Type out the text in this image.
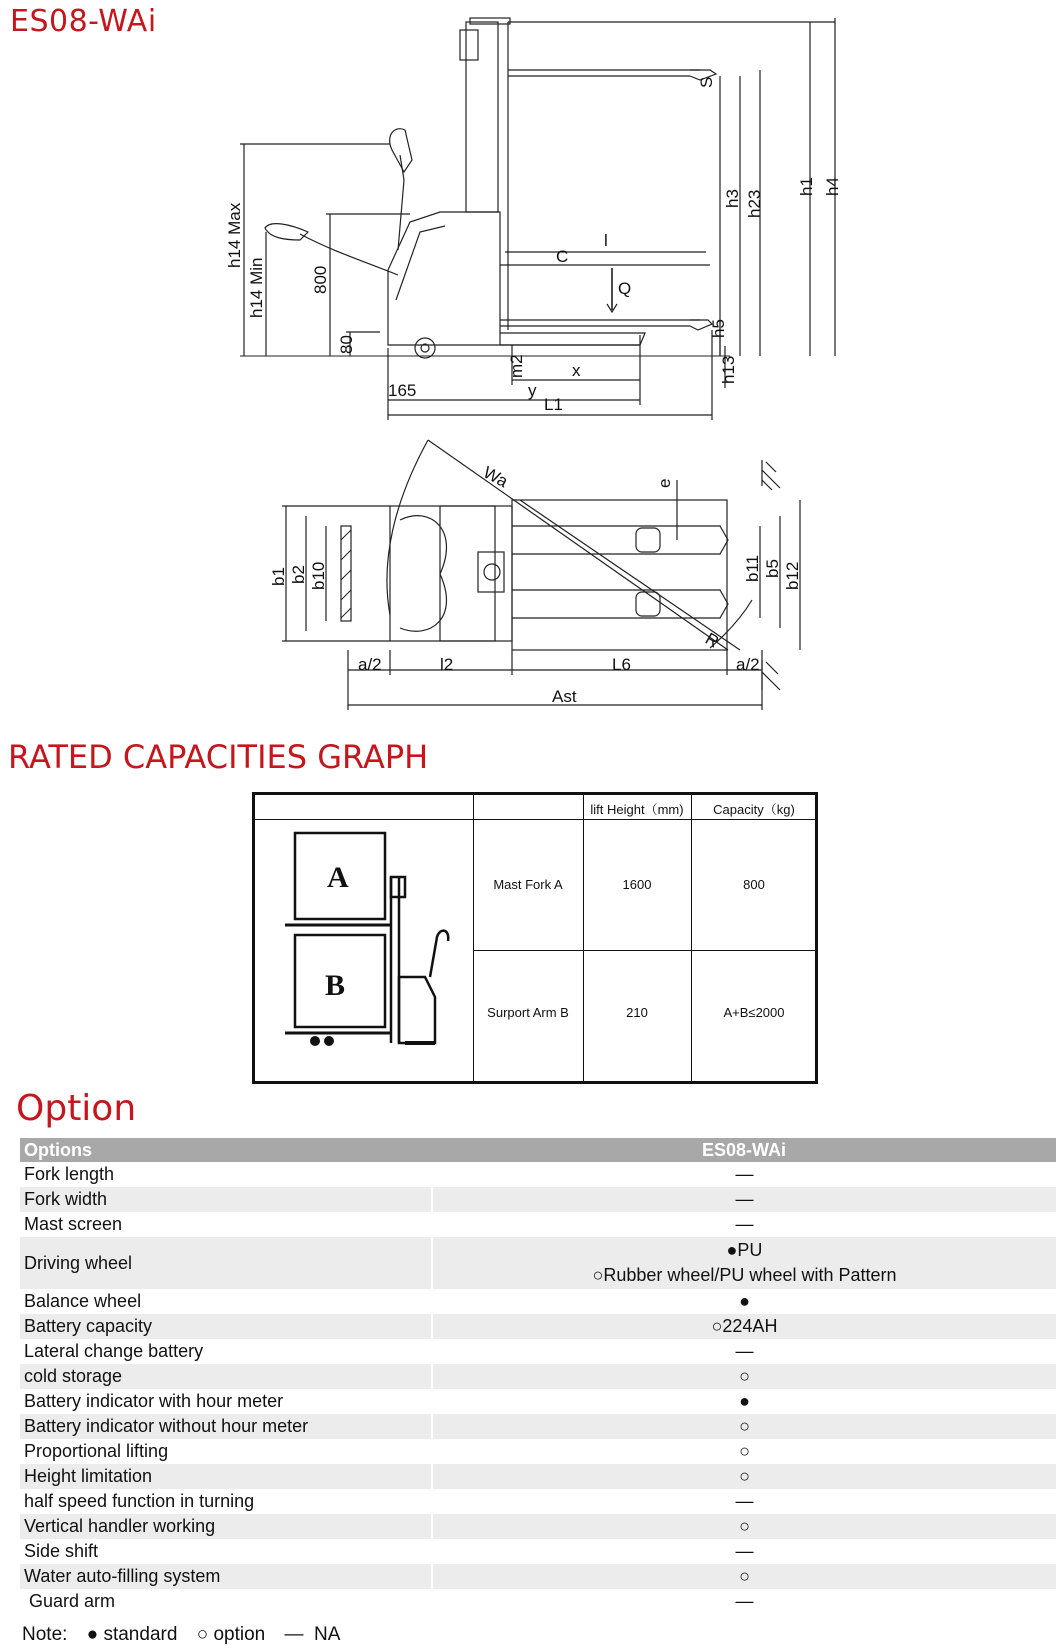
ES08-WAi
S
h1 h4
h3 h23
l
C
Q
h5
h13
m2	x
y
L1
165
80
800
h14 Max
h14 Min
Wa	e
b1 b2 b10	b11 b5 b12
R
a/2	l2	L6	a/2
Ast
RATED CAPACITIES GRAPH
lift Height（mm)	Capacity（kg)
Mast Fork A	1600	800
Surport Arm B	210	A+B≤2000
A
B
Option
Options	ES08-WAi
Fork length	—
Fork width	—
Mast screen	—
Driving wheel	●PU
○Rubber wheel/PU wheel with Pattern

Balance wheel	●
Battery capacity	○224AH
Lateral change battery	—
cold storage	○
Battery indicator with hour meter	●
Battery indicator without hour meter	○
Proportional lifting	○
Height limitation	○
half speed function in turning	—
Vertical handler working	○
Side shift	—
Water auto-filling system	○
Guard arm	—
Note: ● standard ○ option —  NA
